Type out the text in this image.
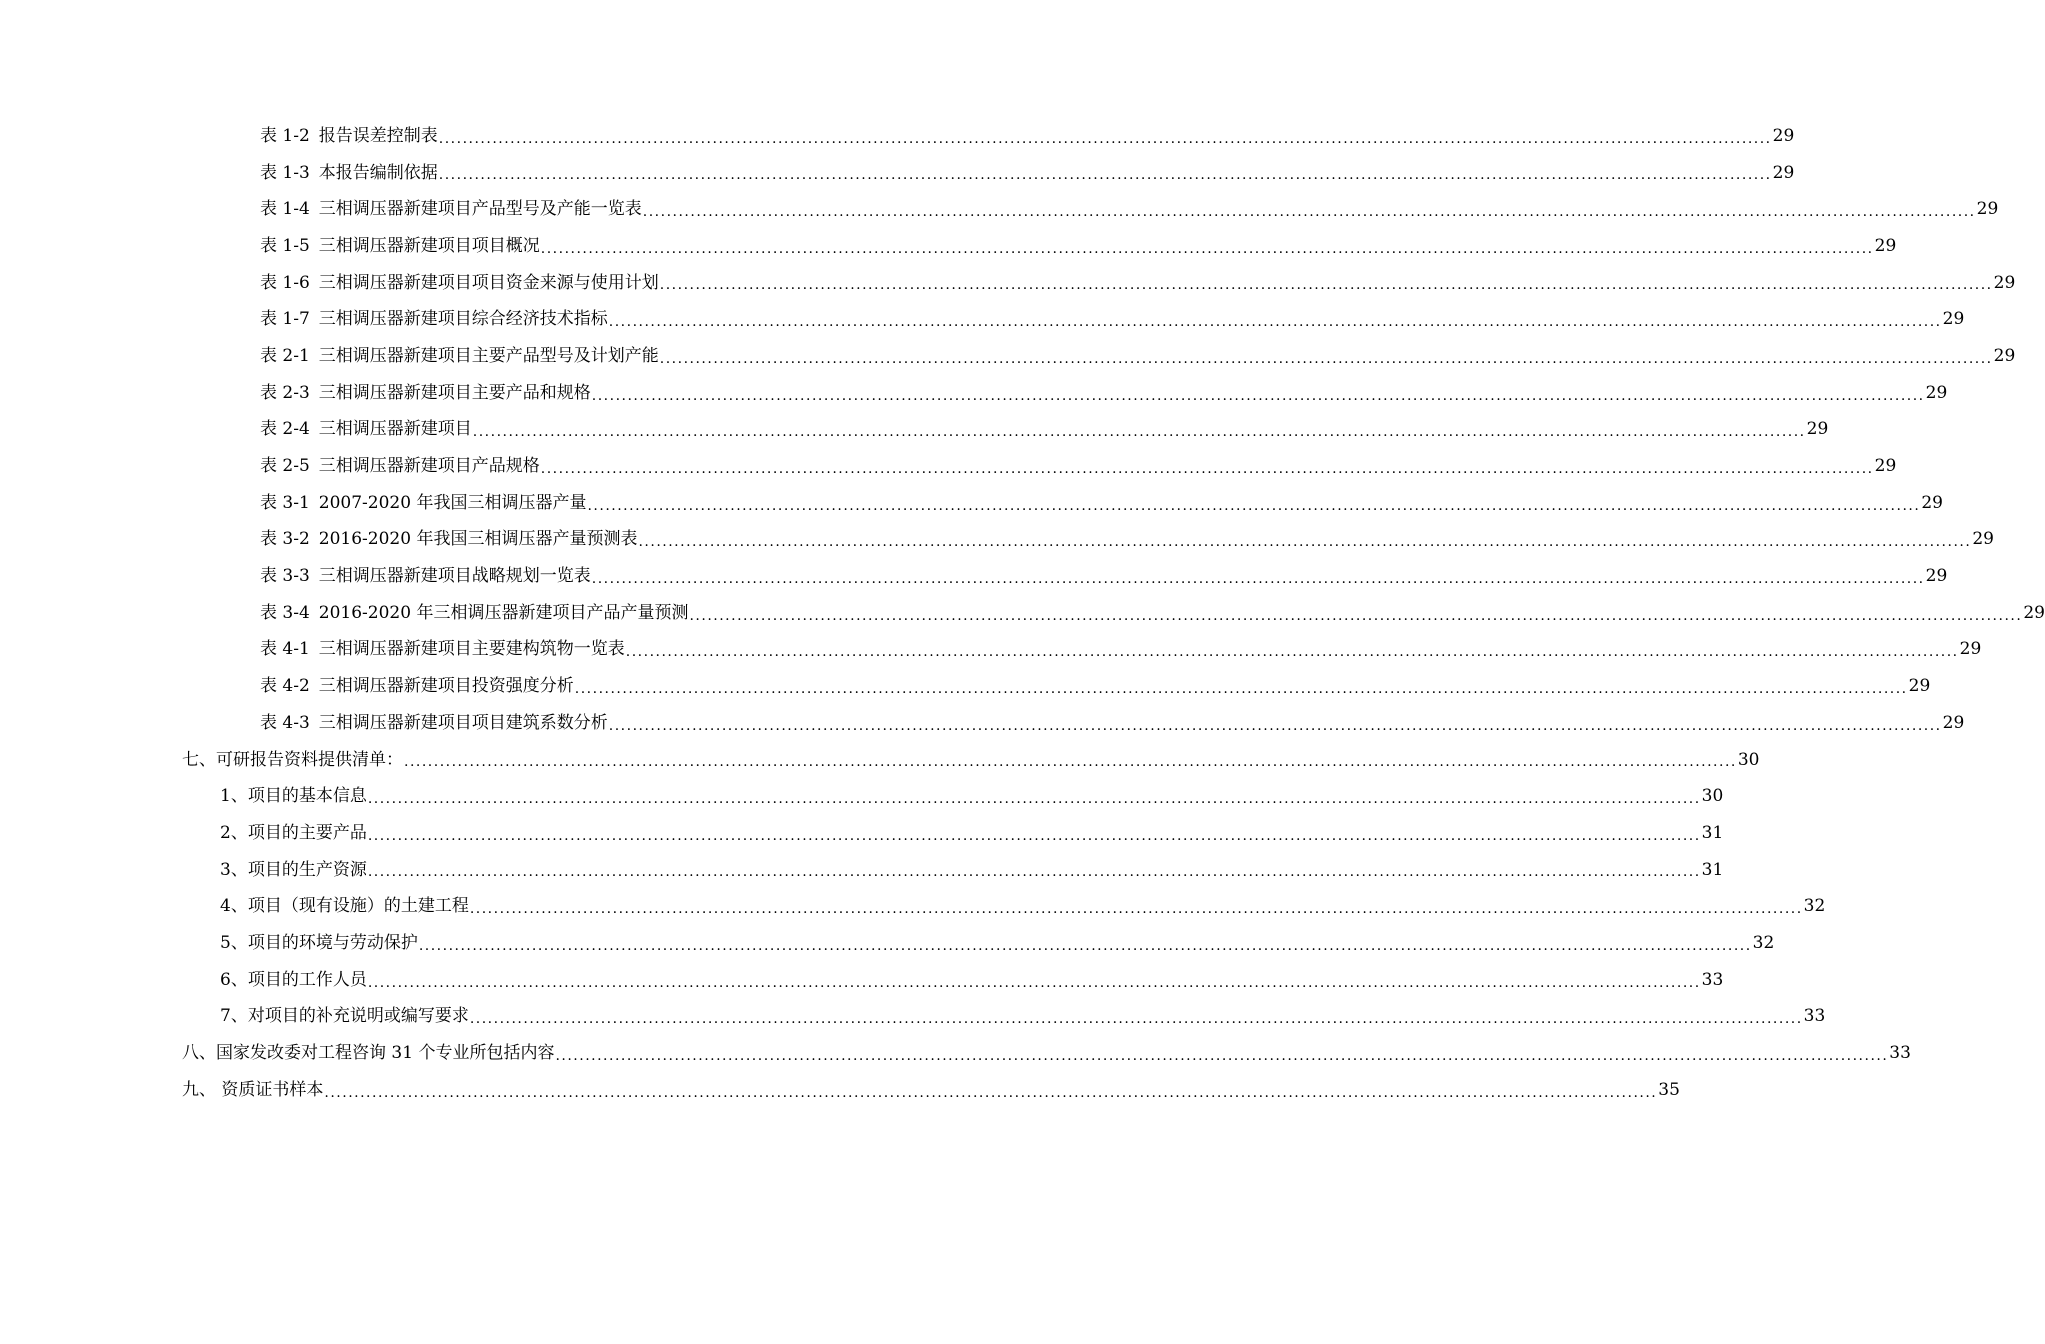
表 1-2 报告误差控制表 .....	29
表 1-3 本报告编制依据 .....	29
表 1-4 三相调压器新建项目产品型号及产能一览表 .....	29
表 1-5 三相调压器新建项目项目概况 .....	29
表 1-6 三相调压器新建项目项目资金来源与使用计划 .....	29
表 1-7 三相调压器新建项目综合经济技术指标 .....	29
表 2-1 三相调压器新建项目主要产品型号及计划产能 .....	29
表 2-3 三相调压器新建项目主要产品和规格 .....	29
表 2-4 三相调压器新建项目 .....	29
表 2-5 三相调压器新建项目产品规格 .....	29
表 3-1 2007-2020 年我国三相调压器产量 .....	29
表 3-2 2016-2020 年我国三相调压器产量预测表 .....	29
表 3-3 三相调压器新建项目战略规划一览表 .....	29
表 3-4 2016-2020 年三相调压器新建项目产品产量预测 .....	29
表 4-1 三相调压器新建项目主要建构筑物一览表 .....	29
表 4-2 三相调压器新建项目投资强度分析 .....	29
表 4-3 三相调压器新建项目项目建筑系数分析 .....	29
七、可研报告资料提供清单： .....	30
1、项目的基本信息 .....	30
2、项目的主要产品 .....	31
3、项目的生产资源 .....	31
4、项目（现有设施）的土建工程 .....	32
5、项目的环境与劳动保护 .....	32
6、项目的工作人员 .....	33
7、对项目的补充说明或编写要求 .....	33
八、国家发改委对工程咨询 31 个专业所包括内容 .....	33
九、 资质证书样本 .....	35
